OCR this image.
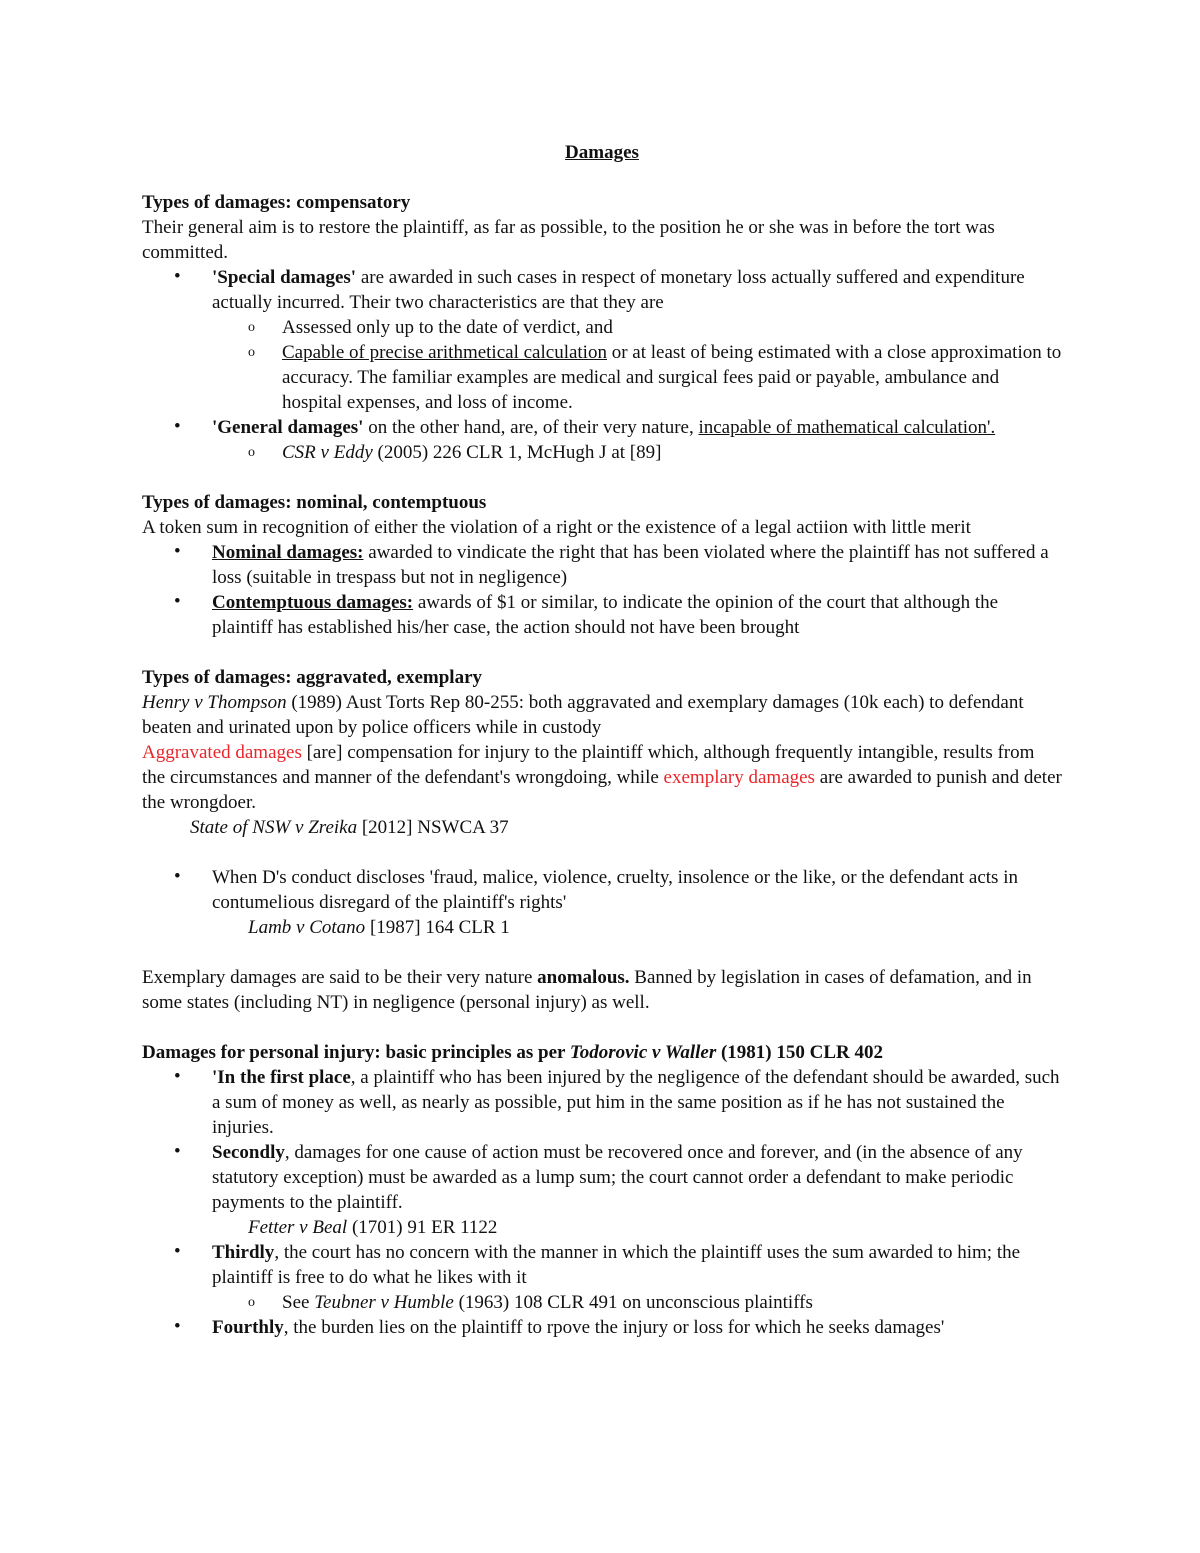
Damages

Types of damages: compensatory

Their general aim is to restore the plaintiff, as far as possible, to the position he or she was in before the tort was committed.

• 'Special damages' are awarded in such cases in respect of monetary loss actually suffered and expenditure actually incurred. Their two characteristics are that they are
o Assessed only up to the date of verdict, and
o Capable of precise arithmetical calculation or at least of being estimated with a close approximation to accuracy. The familiar examples are medical and surgical fees paid or payable, ambulance and hospital expenses, and loss of income.
• 'General damages' on the other hand, are, of their very nature, incapable of mathematical calculation'.
o CSR v Eddy (2005) 226 CLR 1, McHugh J at [89]

Types of damages: nominal, contemptuous

A token sum in recognition of either the violation of a right or the existence of a legal actiion with little merit

• Nominal damages: awarded to vindicate the right that has been violated where the plaintiff has not suffered a loss (suitable in trespass but not in negligence)
• Contemptuous damages: awards of $1 or similar, to indicate the opinion of the court that although the plaintiff has established his/her case, the action should not have been brought

Types of damages: aggravated, exemplary

Henry v Thompson (1989) Aust Torts Rep 80-255: both aggravated and exemplary damages (10k each) to defendant beaten and urinated upon by police officers while in custody

Aggravated damages [are] compensation for injury to the plaintiff which, although frequently intangible, results from the circumstances and manner of the defendant's wrongdoing, while exemplary damages are awarded to punish and deter the wrongdoer.

State of NSW v Zreika [2012] NSWCA 37

• When D's conduct discloses 'fraud, malice, violence, cruelty, insolence or the like, or the defendant acts in contumelious disregard of the plaintiff's rights'

Lamb v Cotano [1987] 164 CLR 1

Exemplary damages are said to be their very nature anomalous. Banned by legislation in cases of defamation, and in some states (including NT) in negligence (personal injury) as well.

Damages for personal injury: basic principles as per Todorovic v Waller (1981) 150 CLR 402

• 'In the first place, a plaintiff who has been injured by the negligence of the defendant should be awarded, such a sum of money as well, as nearly as possible, put him in the same position as if he has not sustained the injuries.
• Secondly, damages for one cause of action must be recovered once and forever, and (in the absence of any statutory exception) must be awarded as a lump sum; the court cannot order a defendant to make periodic payments to the plaintiff.

Fetter v Beal (1701) 91 ER 1122

• Thirdly, the court has no concern with the manner in which the plaintiff uses the sum awarded to him; the plaintiff is free to do what he likes with it
o See Teubner v Humble (1963) 108 CLR 491 on unconscious plaintiffs
• Fourthly, the burden lies on the plaintiff to rpove the injury or loss for which he seeks damages'
